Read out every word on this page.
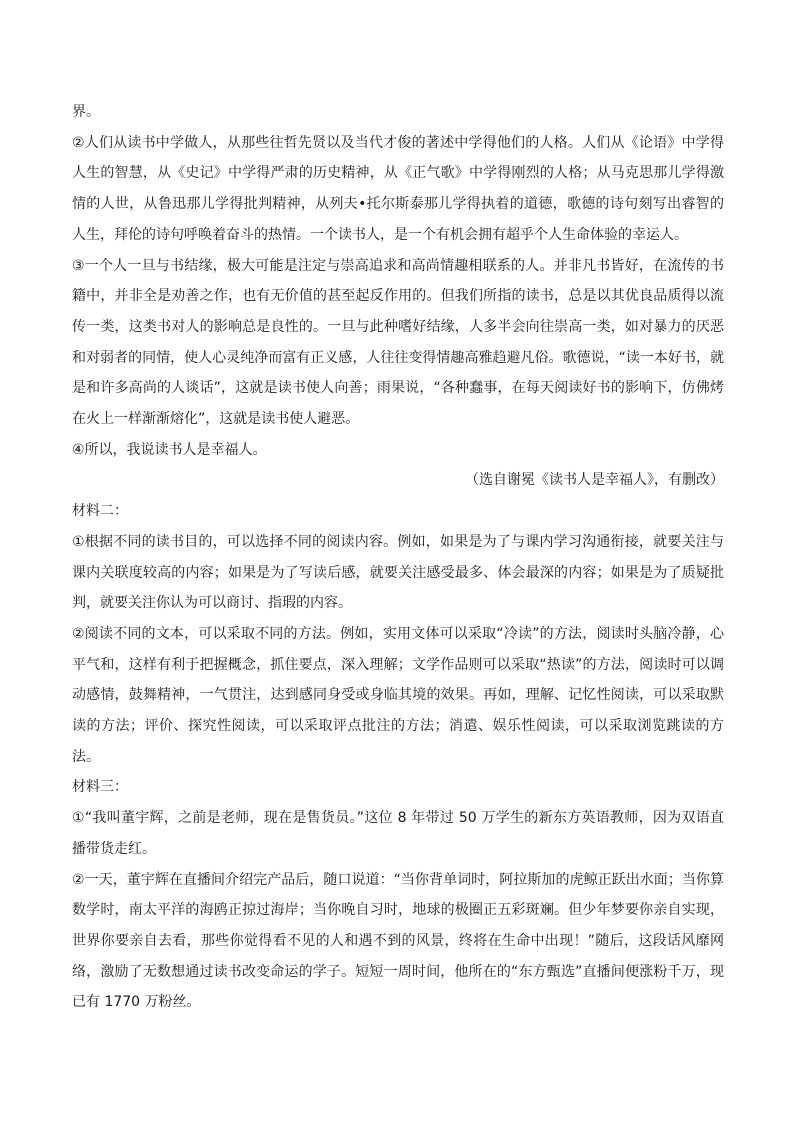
界。

②人们从读书中学做人，从那些往哲先贤以及当代才俊的著述中学得他们的人格。人们从《论语》中学得人生的智慧，从《史记》中学得严肃的历史精神，从《正气歌》中学得刚烈的人格；从马克思那儿学得激情的人世，从鲁迅那儿学得批判精神，从列夫•托尔斯泰那儿学得执着的道德，歌德的诗句刻写出睿智的人生，拜伦的诗句呼唤着奋斗的热情。一个读书人，是一个有机会拥有超乎个人生命体验的幸运人。

③一个人一旦与书结缘，极大可能是注定与崇高追求和高尚情趣相联系的人。并非凡书皆好，在流传的书籍中，并非全是劝善之作，也有无价值的甚至起反作用的。但我们所指的读书，总是以其优良品质得以流传一类，这类书对人的影响总是良性的。一旦与此种嗜好结缘，人多半会向往崇高一类，如对暴力的厌恶和对弱者的同情，使人心灵纯净而富有正义感，人往往变得情趣高雅趋避凡俗。歌德说，“读一本好书，就是和许多高尚的人谈话”，这就是读书使人向善；雨果说，“各种蠢事，在每天阅读好书的影响下，仿佛烤在火上一样渐渐熔化”，这就是读书使人避恶。

④所以，我说读书人是幸福人。

（选自谢冕《读书人是幸福人》，有删改）

材料二：

①根据不同的读书目的，可以选择不同的阅读内容。例如，如果是为了与课内学习沟通衔接，就要关注与课内关联度较高的内容；如果是为了写读后感，就要关注感受最多、体会最深的内容；如果是为了质疑批判，就要关注你认为可以商讨、指瑕的内容。

②阅读不同的文本，可以采取不同的方法。例如，实用文体可以采取“冷读”的方法，阅读时头脑冷静，心平气和，这样有利于把握概念，抓住要点，深入理解；文学作品则可以采取“热读”的方法，阅读时可以调动感情，鼓舞精神，一气贯注，达到感同身受或身临其境的效果。再如，理解、记忆性阅读，可以采取默读的方法；评价、探究性阅读，可以采取评点批注的方法；消遣、娱乐性阅读，可以采取浏览跳读的方法。

材料三：

①“我叫董宇辉，之前是老师，现在是售货员。”这位 8 年带过 50 万学生的新东方英语教师，因为双语直播带货走红。

②一天，董宇辉在直播间介绍完产品后，随口说道：“当你背单词时，阿拉斯加的虎鲸正跃出水面；当你算数学时，南太平洋的海鸥正掠过海岸；当你晚自习时，地球的极圈正五彩斑斓。但少年梦要你亲自实现，世界你要亲自去看，那些你觉得看不见的人和遇不到的风景，终将在生命中出现！”随后，这段话风靡网络，激励了无数想通过读书改变命运的学子。短短一周时间，他所在的“东方甄选”直播间便涨粉千万，现已有 1770 万粉丝。
